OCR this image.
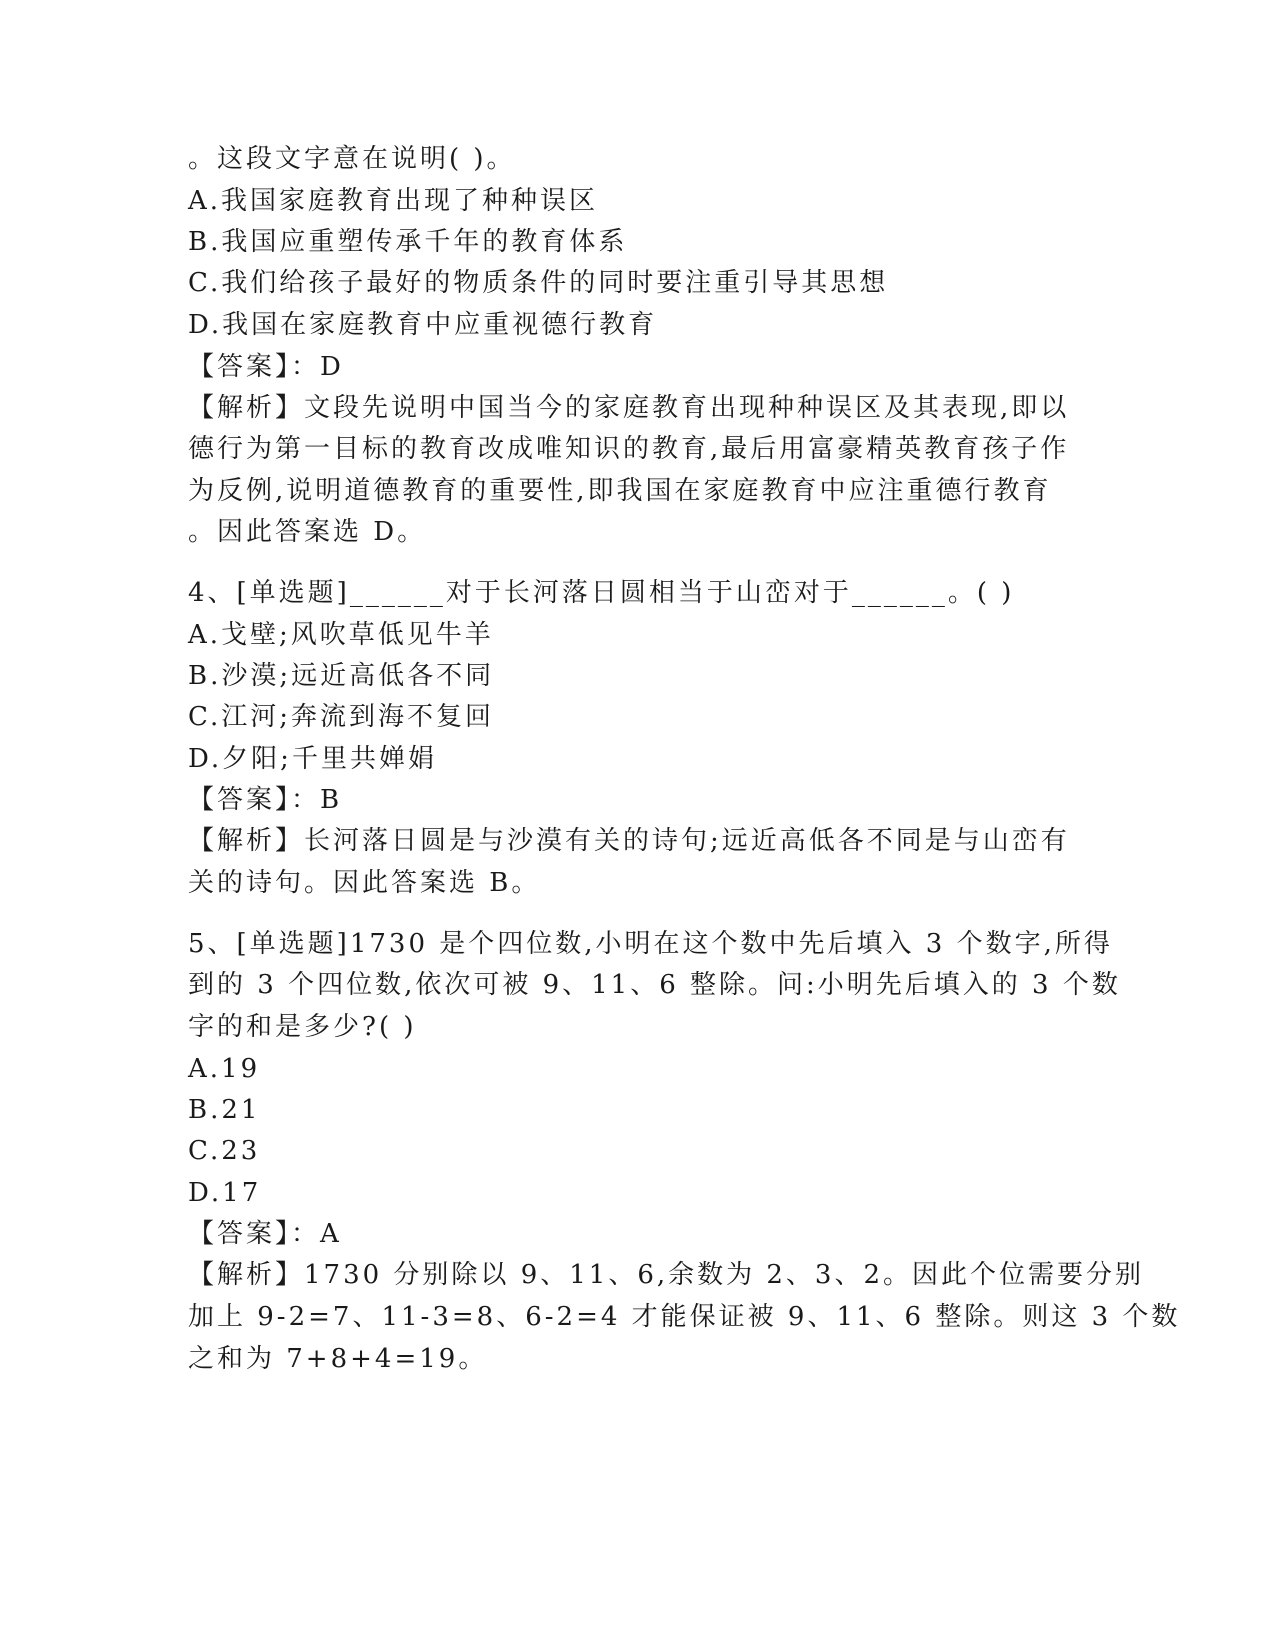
。这段文字意在说明( )。
A.我国家庭教育出现了种种误区
B.我国应重塑传承千年的教育体系
C.我们给孩子最好的物质条件的同时要注重引导其思想
D.我国在家庭教育中应重视德行教育
【答案】：D
【解析】文段先说明中国当今的家庭教育出现种种误区及其表现,即以
德行为第一目标的教育改成唯知识的教育,最后用富豪精英教育孩子作
为反例,说明道德教育的重要性,即我国在家庭教育中应注重德行教育
。因此答案选 D。
4、[单选题]______对于长河落日圆相当于山峦对于______。( )
A.戈壁;风吹草低见牛羊
B.沙漠;远近高低各不同
C.江河;奔流到海不复回
D.夕阳;千里共婵娟
【答案】：B
【解析】长河落日圆是与沙漠有关的诗句;远近高低各不同是与山峦有
关的诗句。因此答案选 B。
5、[单选题]1730 是个四位数,小明在这个数中先后填入 3 个数字,所得
到的 3 个四位数,依次可被 9、11、6 整除。问:小明先后填入的 3 个数
字的和是多少?( )
A.19
B.21
C.23
D.17
【答案】：A
【解析】1730 分别除以 9、11、6,余数为 2、3、2。因此个位需要分别
加上 9-2=7、11-3=8、6-2=4 才能保证被 9、11、6 整除。则这 3 个数
之和为 7+8+4=19。
